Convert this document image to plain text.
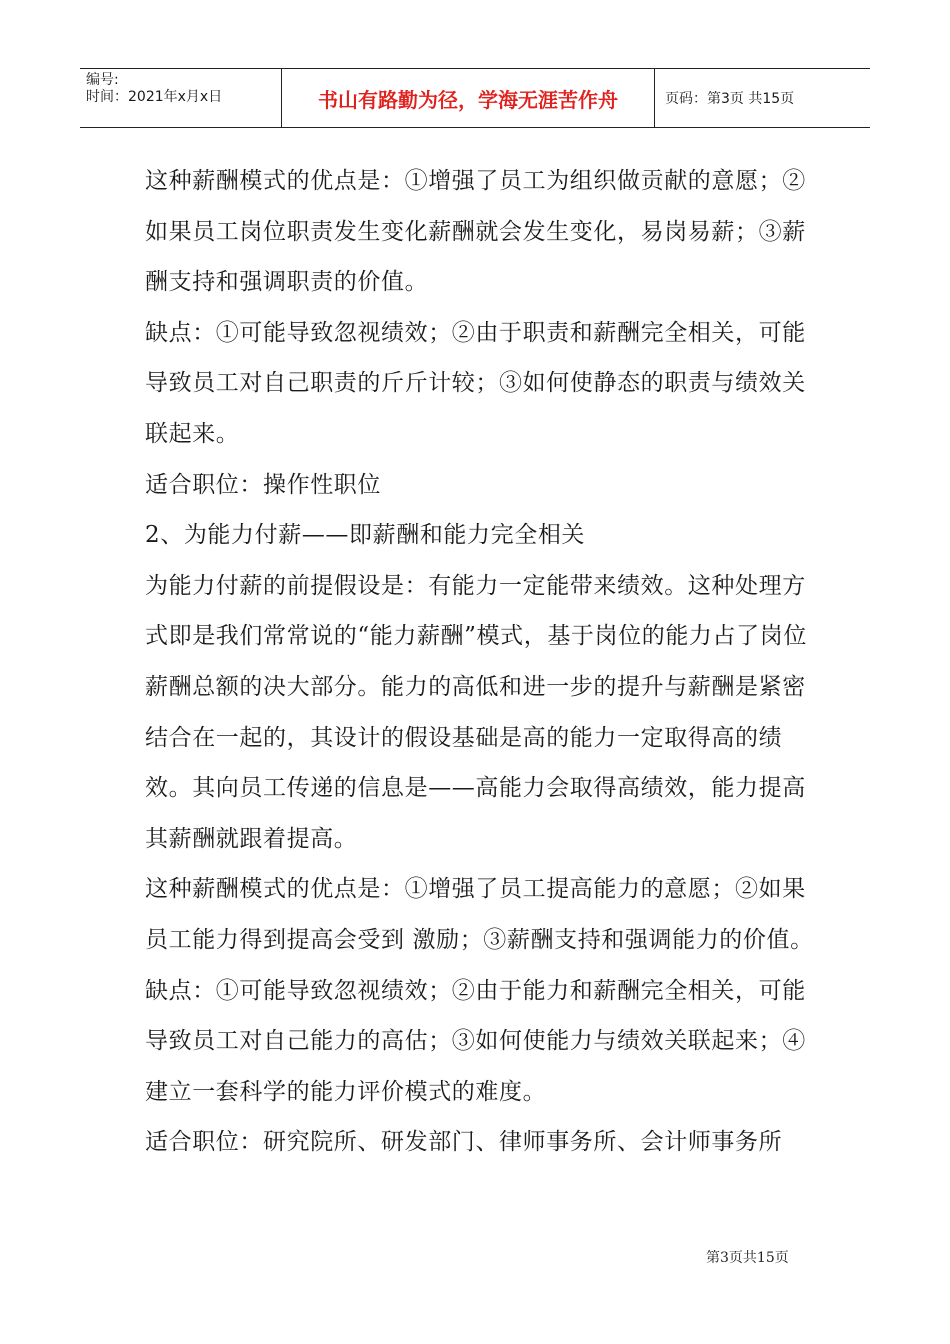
编号:
时间：2021年x月x日	书山有路勤为径，学海无涯苦作舟	页码：第3页 共15页

这种薪酬模式的优点是：①增强了员工为组织做贡献的意愿；②如果员工岗位职责发生变化薪酬就会发生变化，易岗易薪；③薪酬支持和强调职责的价值。

缺点：①可能导致忽视绩效；②由于职责和薪酬完全相关，可能导致员工对自己职责的斤斤计较；③如何使静态的职责与绩效关联起来。

适合职位：操作性职位

2、为能力付薪——即薪酬和能力完全相关

为能力付薪的前提假设是：有能力一定能带来绩效。这种处理方式即是我们常常说的“能力薪酬”模式，基于岗位的能力占了岗位薪酬总额的决大部分。能力的高低和进一步的提升与薪酬是紧密结合在一起的，其设计的假设基础是高的能力一定取得高的绩效。其向员工传递的信息是——高能力会取得高绩效，能力提高其薪酬就跟着提高。

这种薪酬模式的优点是：①增强了员工提高能力的意愿；②如果员工能力得到提高会受到 激励；③薪酬支持和强调能力的价值。

缺点：①可能导致忽视绩效；②由于能力和薪酬完全相关，可能导致员工对自己能力的高估；③如何使能力与绩效关联起来；④建立一套科学的能力评价模式的难度。

适合职位：研究院所、研发部门、律师事务所、会计师事务所

第3页共15页
